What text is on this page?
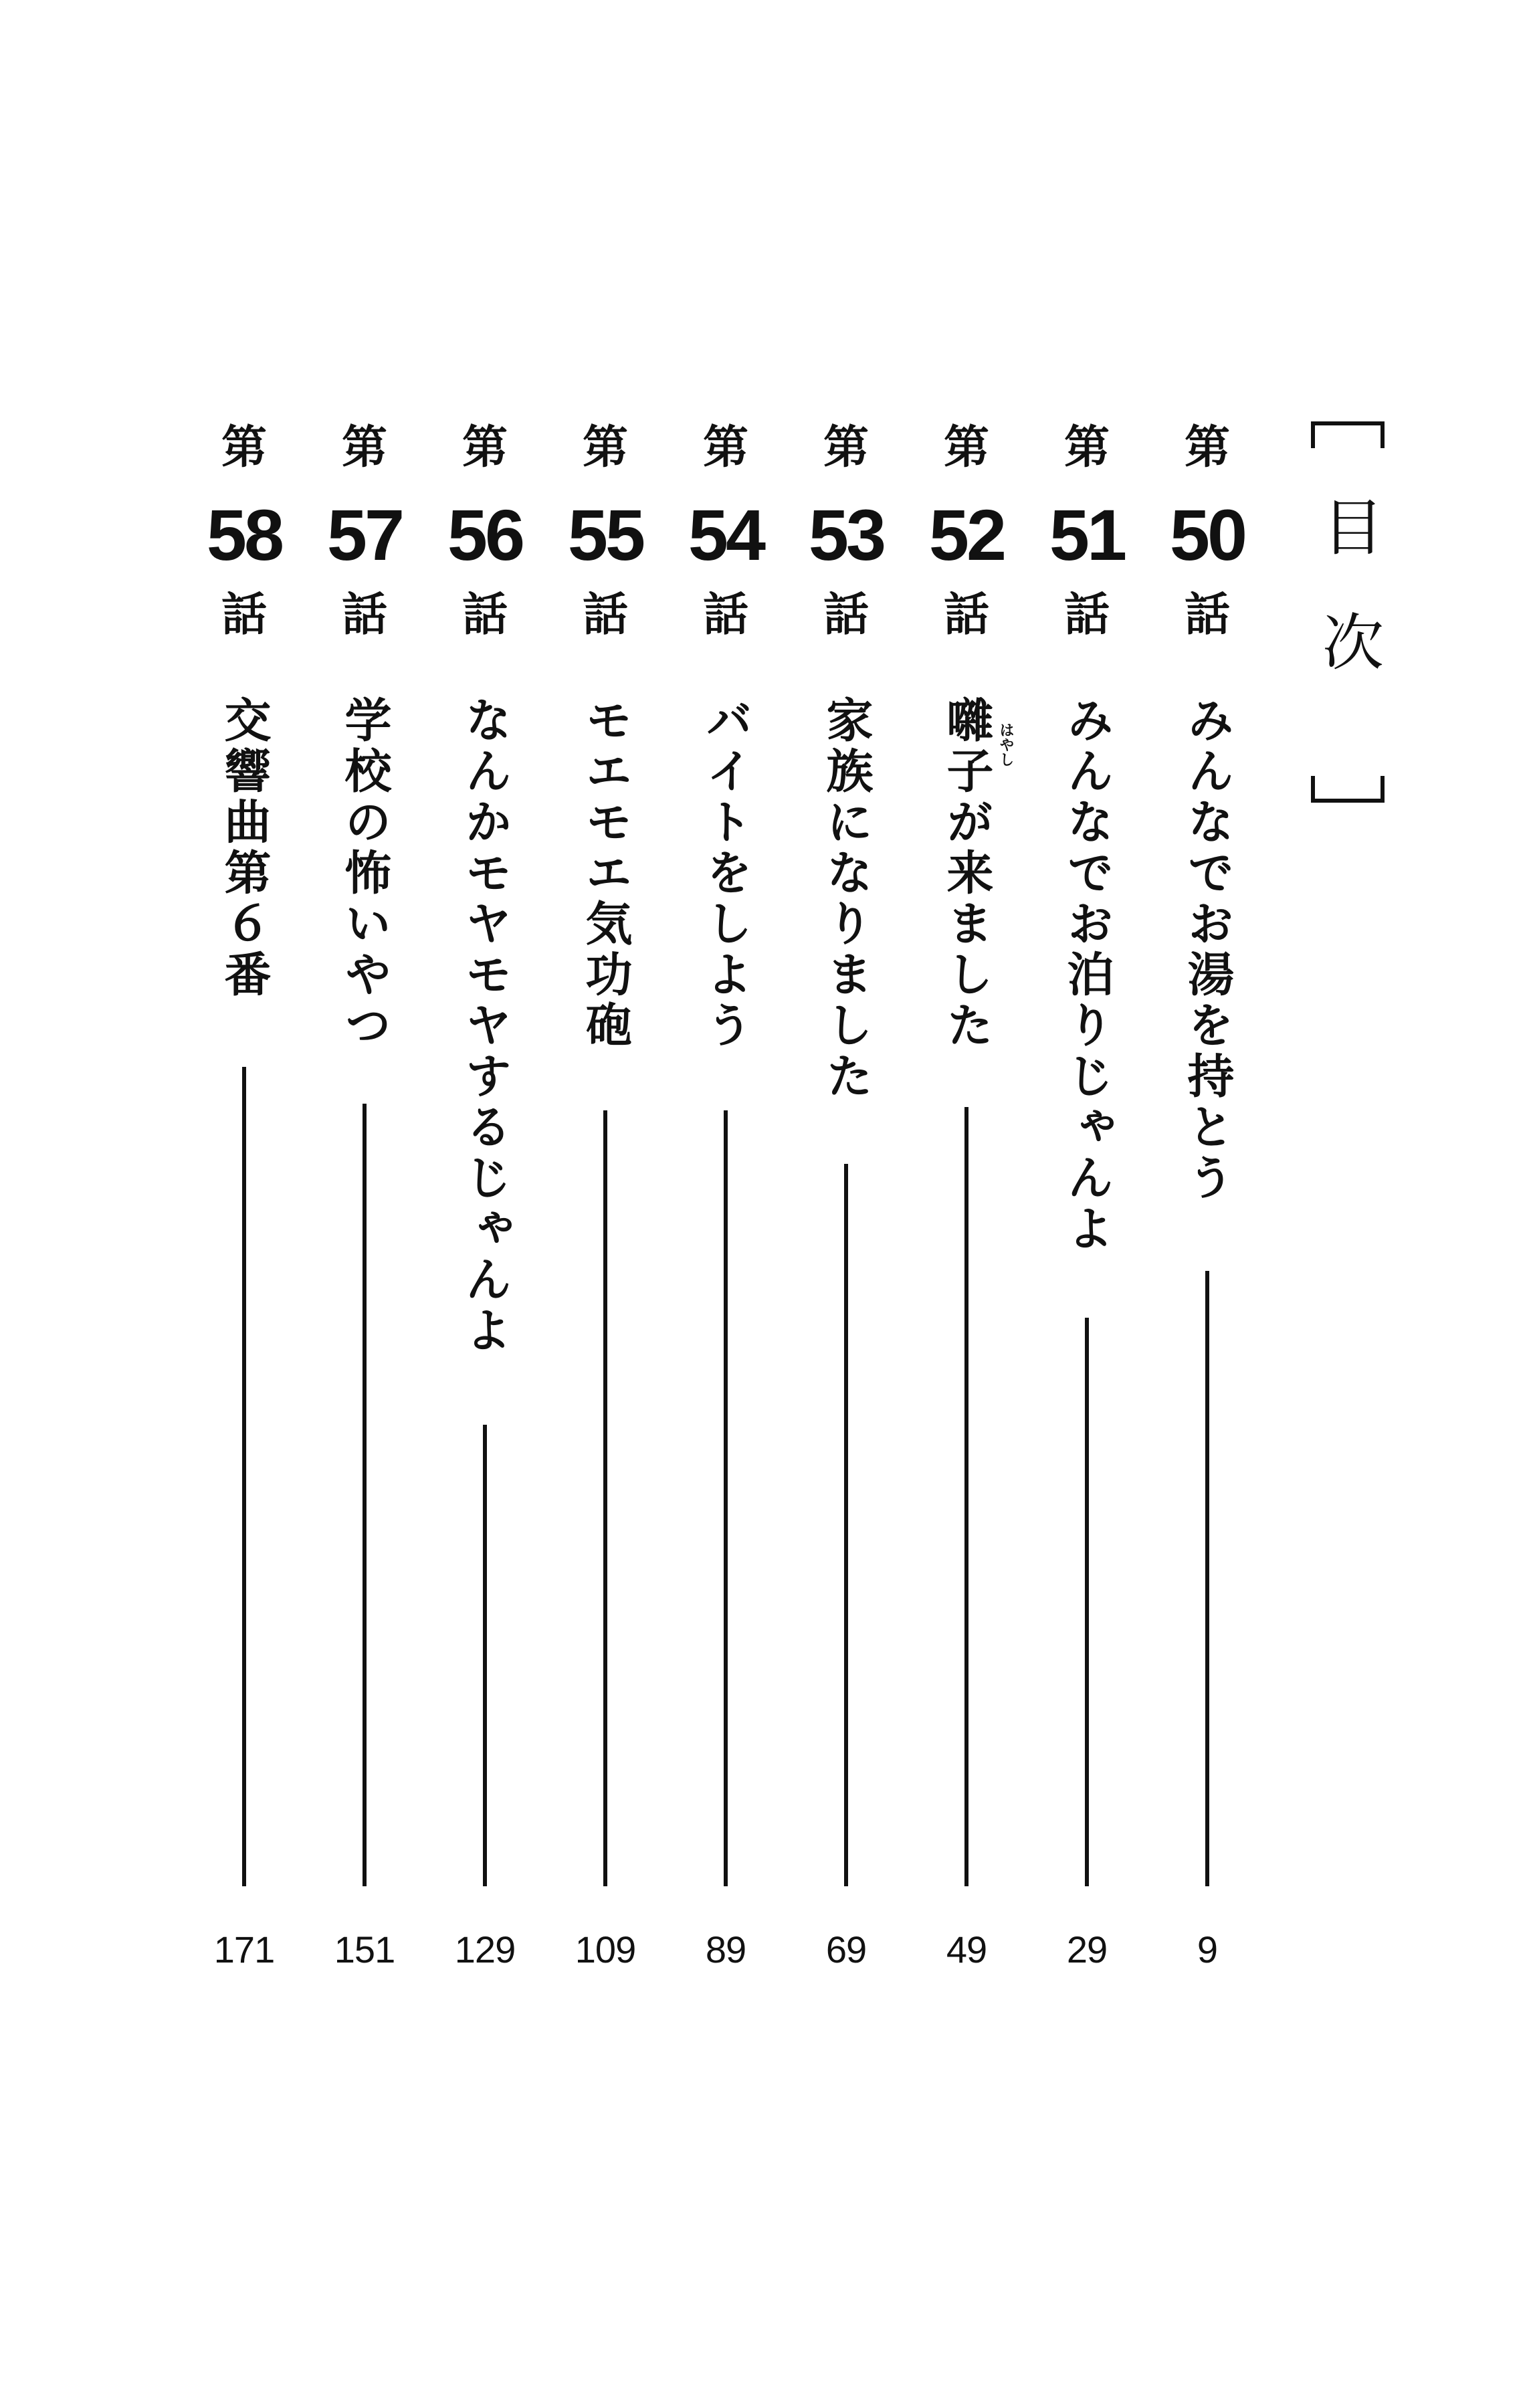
目次
第
50
話
みんなでお湯を持とう
9
第
51
話
みんなでお泊りじゃんよ
29
第
52
話
はやし
囃子が来ました
49
第
53
話
家族になりました
69
第
54
話
バイトをしよう
89
第
55
話
モエモエ気功砲
109
第
56
話
なんかモヤモヤするじゃんよ
129
第
57
話
学校の怖いやつ
151
第
58
話
交響曲第６番
171
